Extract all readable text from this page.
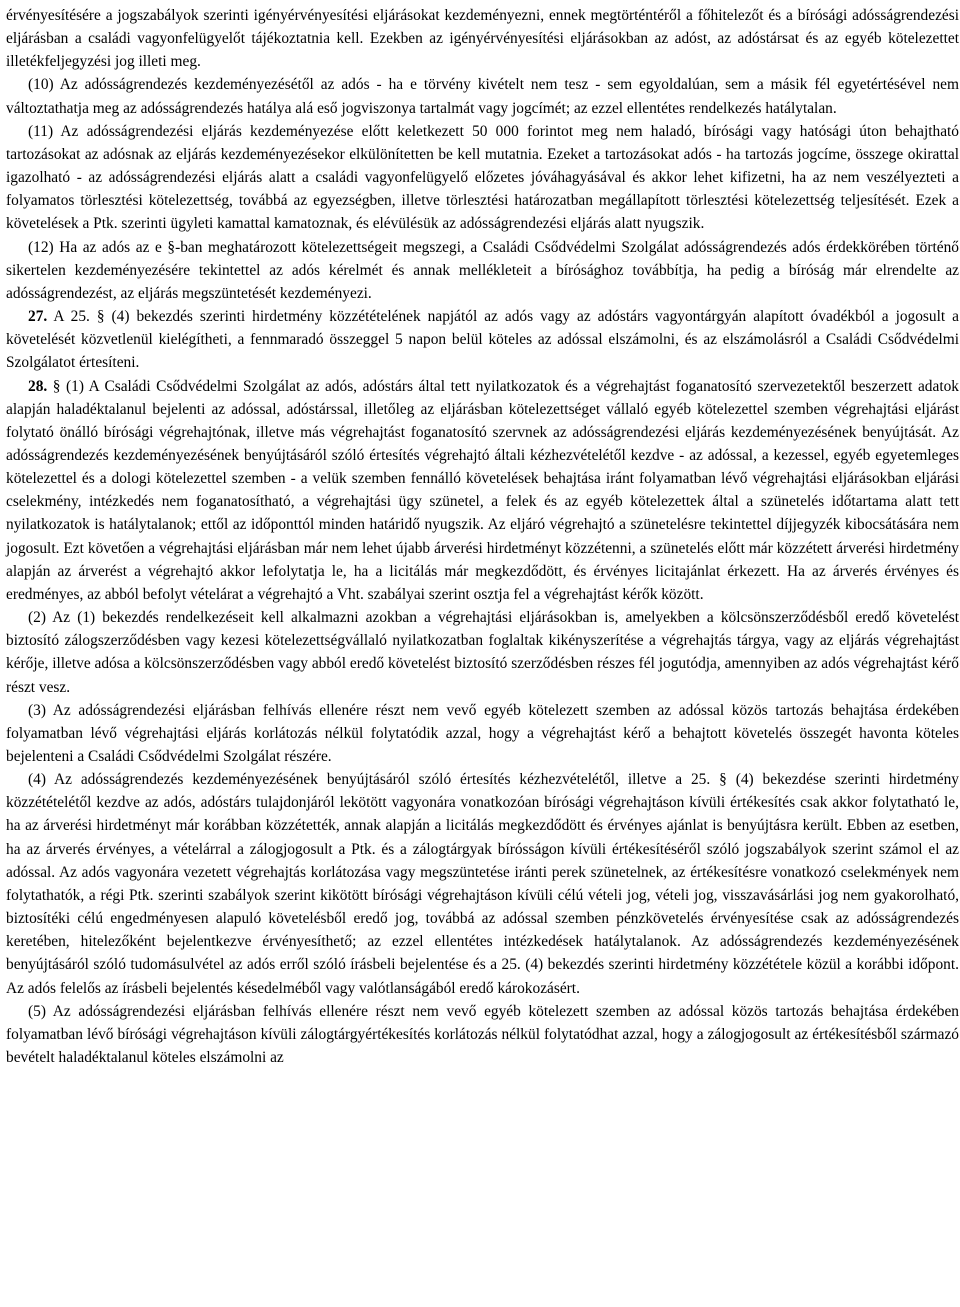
érvényesítésére a jogszabályok szerinti igényérvényesítési eljárásokat kezdeményezni, ennek megtörténtéről a főhitelezőt és a bírósági adósságrendezési eljárásban a családi vagyonfelügyelőt tájékoztatnia kell. Ezekben az igényérvényesítési eljárásokban az adóst, az adóstársat és az egyéb kötelezettet illetékfeljegyzési jog illeti meg.

(10) Az adósságrendezés kezdeményezésétől az adós - ha e törvény kivételt nem tesz - sem egyoldalúan, sem a másik fél egyetértésével nem változtathatja meg az adósságrendezés hatálya alá eső jogviszonya tartalmát vagy jogcímét; az ezzel ellentétes rendelkezés hatálytalan.

(11) Az adósságrendezési eljárás kezdeményezése előtt keletkezett 50 000 forintot meg nem haladó, bírósági vagy hatósági úton behajtható tartozásokat az adósnak az eljárás kezdeményezésekor elkülönítetten be kell mutatnia. Ezeket a tartozásokat adós - ha tartozás jogcíme, összege okirattal igazolható - az adósságrendezési eljárás alatt a családi vagyonfelügyelő előzetes jóváhagyásával és akkor lehet kifizetni, ha az nem veszélyezteti a folyamatos törlesztési kötelezettség, továbbá az egyezségben, illetve törlesztési határozatban megállapított törlesztési kötelezettség teljesítését. Ezek a követelések a Ptk. szerinti ügyleti kamattal kamatoznak, és elévülésük az adósságrendezési eljárás alatt nyugszik.

(12) Ha az adós az e §-ban meghatározott kötelezettségeit megszegi, a Családi Csődvédelmi Szolgálat adósságrendezés adós érdekkörében történő sikertelen kezdeményezésére tekintettel az adós kérelmét és annak mellékleteit a bírósághoz továbbítja, ha pedig a bíróság már elrendelte az adósságrendezést, az eljárás megszüntetését kezdeményezi.

27. A 25. § (4) bekezdés szerinti hirdetmény közzétételének napjától az adós vagy az adóstárs vagyontárgyán alapított óvadékból a jogosult a követelését közvetlenül kielégítheti, a fennmaradó összeggel 5 napon belül köteles az adóssal elszámolni, és az elszámolásról a Családi Csődvédelmi Szolgálatot értesíteni.

28. § (1) A Családi Csődvédelmi Szolgálat az adós, adóstárs által tett nyilatkozatok és a végrehajtást foganatosító szervezetektől beszerzett adatok alapján haladéktalanul bejelenti az adóssal, adóstárssal, illetőleg az eljárásban kötelezettséget vállaló egyéb kötelezettel szemben végrehajtási eljárást folytató önálló bírósági végrehajtónak, illetve más végrehajtást foganatosító szervnek az adósságrendezési eljárás kezdeményezésének benyújtását. Az adósságrendezés kezdeményezésének benyújtásáról szóló értesítés végrehajtó általi kézhezvételétől kezdve - az adóssal, a kezessel, egyéb egyetemleges kötelezettel és a dologi kötelezettel szemben - a velük szemben fennálló követelések behajtása iránt folyamatban lévő végrehajtási eljárásokban eljárási cselekmény, intézkedés nem foganatosítható, a végrehajtási ügy szünetel, a felek és az egyéb kötelezettek által a szünetelés időtartama alatt tett nyilatkozatok is hatálytalanok; ettől az időponttól minden határidő nyugszik. Az eljáró végrehajtó a szünetelésre tekintettel díjjegyzék kibocsátására nem jogosult. Ezt követően a végrehajtási eljárásban már nem lehet újabb árverési hirdetményt közzétenni, a szünetelés előtt már közzétett árverési hirdetmény alapján az árverést a végrehajtó akkor lefolytatja le, ha a licitálás már megkezdődött, és érvényes licitajánlat érkezett. Ha az árverés érvényes és eredményes, az abból befolyt vételárat a végrehajtó a Vht. szabályai szerint osztja fel a végrehajtást kérők között.

(2) Az (1) bekezdés rendelkezéseit kell alkalmazni azokban a végrehajtási eljárásokban is, amelyekben a kölcsönszerződésből eredő követelést biztosító zálogszerződésben vagy kezesi kötelezettségvállaló nyilatkozatban foglaltak kikényszerítése a végrehajtás tárgya, vagy az eljárás végrehajtást kérője, illetve adósa a kölcsönszerződésben vagy abból eredő követelést biztosító szerződésben részes fél jogutódja, amennyiben az adós végrehajtást kérő részt vesz.

(3) Az adósságrendezési eljárásban felhívás ellenére részt nem vevő egyéb kötelezett szemben az adóssal közös tartozás behajtása érdekében folyamatban lévő végrehajtási eljárás korlátozás nélkül folytatódik azzal, hogy a végrehajtást kérő a behajtott követelés összegét havonta köteles bejelenteni a Családi Csődvédelmi Szolgálat részére.

(4) Az adósságrendezés kezdeményezésének benyújtásáról szóló értesítés kézhezvételétől, illetve a 25. § (4) bekezdése szerinti hirdetmény közzétételétől kezdve az adós, adóstárs tulajdonjáról lekötött vagyonára vonatkozóan bírósági végrehajtáson kívüli értékesítés csak akkor folytatható le, ha az árverési hirdetményt már korábban közzétették, annak alapján a licitálás megkezdődött és érvényes ajánlat is benyújtásra került. Ebben az esetben, ha az árverés érvényes, a vételárral a zálogjogosult a Ptk. és a zálogtárgyak bírósságon kívüli értékesítéséről szóló jogszabályok szerint számol el az adóssal. Az adós vagyonára vezetett végrehajtás korlátozása vagy megszüntetése iránti perek szünetelnek, az értékesítésre vonatkozó cselekmények nem folytathatók, a régi Ptk. szerinti szabályok szerint kikötött bírósági végrehajtáson kívüli célú vételi jog, vételi jog, visszavásárlási jog nem gyakorolható, biztosítéki célú engedményesen alapuló követelésből eredő jog, továbbá az adóssal szemben pénzkövetelés érvényesítése csak az adósságrendezés keretében, hitelezőként bejelentkezve érvényesíthető; az ezzel ellentétes intézkedések hatálytalanok. Az adósságrendezés kezdeményezésének benyújtásáról szóló tudomásulvétel az adós erről szóló írásbeli bejelentése és a 25. (4) bekezdés szerinti hirdetmény közzététele közül a korábbi időpont. Az adós felelős az írásbeli bejelentés késedelméből vagy valótlanságából eredő károkozásért.

(5) Az adósságrendezési eljárásban felhívás ellenére részt nem vevő egyéb kötelezett szemben az adóssal közös tartozás behajtása érdekében folyamatban lévő bírósági végrehajtáson kívüli zálogtárgyértékesítés korlátozás nélkül folytatódhat azzal, hogy a zálogjogosult az értékesítésből származó bevételt haladéktalanul köteles elszámolni az
